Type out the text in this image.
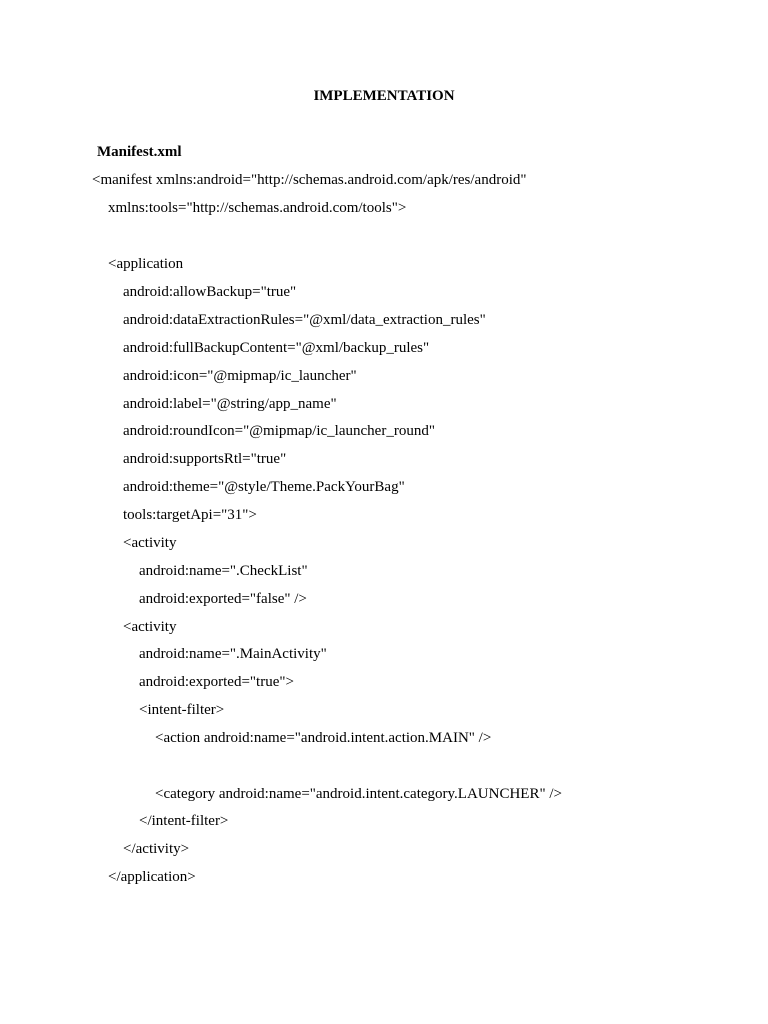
IMPLEMENTATION
Manifest.xml
<manifest xmlns:android="http://schemas.android.com/apk/res/android"
xmlns:tools="http://schemas.android.com/tools">
<application
android:allowBackup="true"
android:dataExtractionRules="@xml/data_extraction_rules"
android:fullBackupContent="@xml/backup_rules"
android:icon="@mipmap/ic_launcher"
android:label="@string/app_name"
android:roundIcon="@mipmap/ic_launcher_round"
android:supportsRtl="true"
android:theme="@style/Theme.PackYourBag"
tools:targetApi="31">
<activity
android:name=".CheckList"
android:exported="false" />
<activity
android:name=".MainActivity"
android:exported="true">
<intent-filter>
<action android:name="android.intent.action.MAIN" />
<category android:name="android.intent.category.LAUNCHER" />
</intent-filter>
</activity>
</application>
